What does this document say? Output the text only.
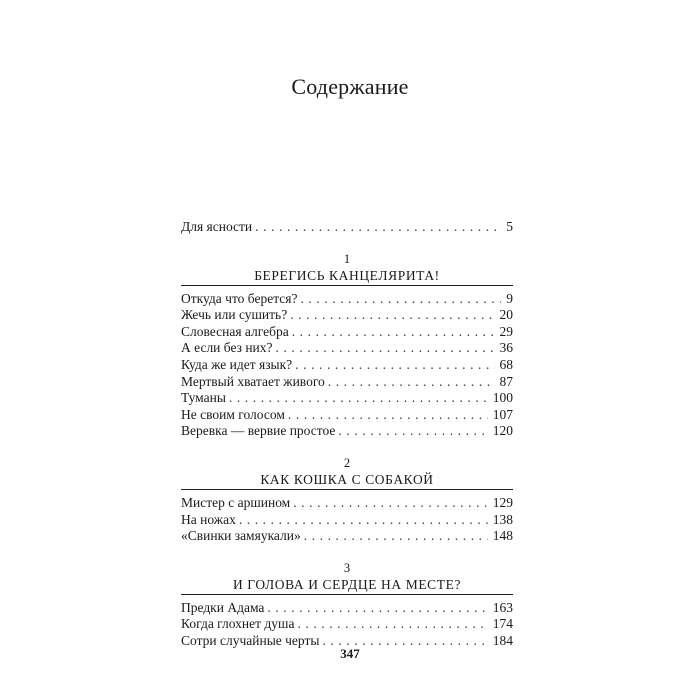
Содержание
Для ясности . . .	5
1
БЕРЕГИСЬ КАНЦЕЛЯРИТА!
Откуда что берется? . . .	9
Жечь или сушить? . . .	20
Словесная алгебра . . .	29
А если без них? . . .	36
Куда же идет язык? . . .	68
Мертвый хватает живого . . .	87
Туманы . . .	100
Не своим голосом . . .	107
Веревка — вервие простое . . .	120
2
КАК КОШКА С СОБАКОЙ
Мистер с аршином . . .	129
На ножах . . .	138
«Свинки замяукали» . . .	148
3
И ГОЛОВА И СЕРДЦЕ НА МЕСТЕ?
Предки Адама . . .	163
Когда глохнет душа . . .	174
Сотри случайные черты . . .	184
347
